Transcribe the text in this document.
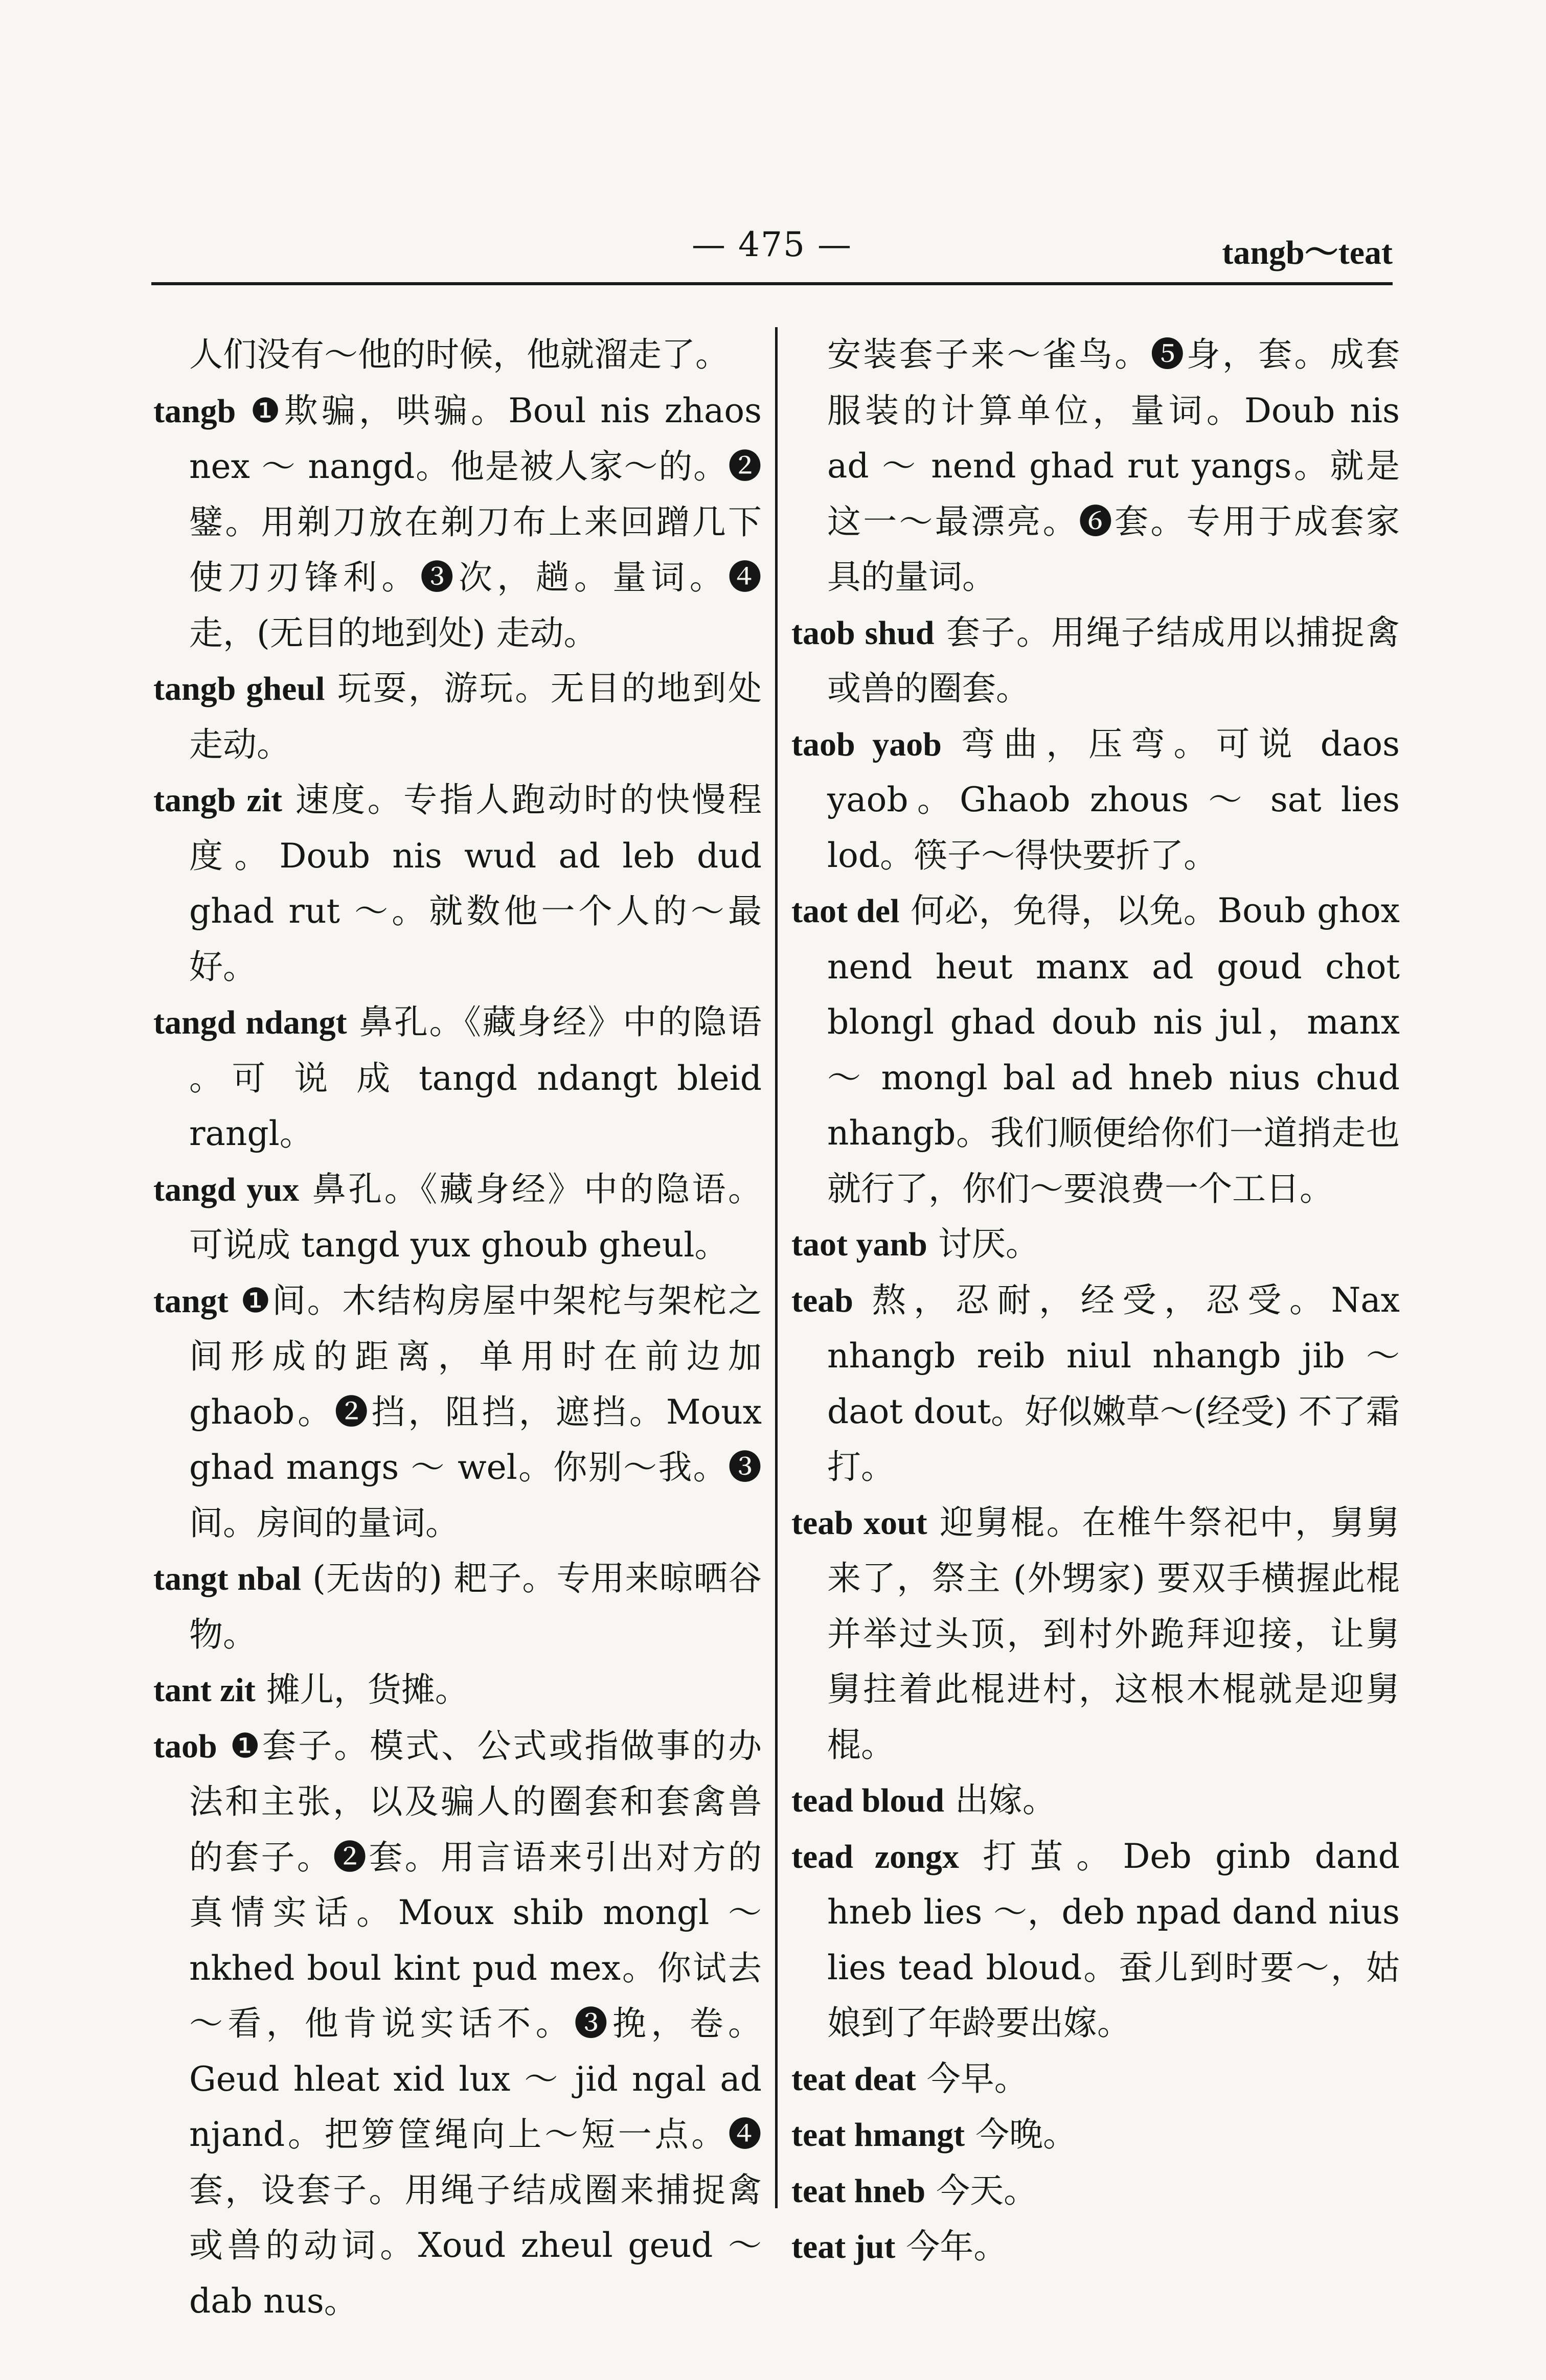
— 475 —	tangb～teat

人们没有～他的时候，他就溜走了。

tangb ❶欺骗，哄骗。Boul nis zhaos nex ～ nangd。他是被人家～的。❷鐾。用剃刀放在剃刀布上来回蹭几下使刀刃锋利。❸次，趟。量词。❹走，(无目的地到处) 走动。

tangb gheul 玩耍，游玩。无目的地到处走动。

tangb zit 速度。专指人跑动时的快慢程度。Doub nis wud ad leb dud ghad rut ～。就数他一个人的～最好。

tangd ndangt 鼻孔。《藏身经》中的隐语 。可 说 成 tangd ndangt bleid rangl。

tangd yux 鼻孔。《藏身经》中的隐语。可说成 tangd yux ghoub gheul。

tangt ❶间。木结构房屋中架柁与架柁之间形成的距离，单用时在前边加 ghaob。❷挡，阻挡，遮挡。Moux ghad mangs ～ wel。你别～我。❸间。房间的量词。

tangt nbal (无齿的) 耙子。专用来晾晒谷物。

tant zit 摊儿，货摊。

taob ❶套子。模式、公式或指做事的办法和主张，以及骗人的圈套和套禽兽的套子。❷套。用言语来引出对方的真情实话。Moux shib mongl ～ nkhed boul kint pud mex。你试去～看，他肯说实话不。❸挽，卷。Geud hleat xid lux ～ jid ngal ad njand。把箩筐绳向上～短一点。❹套，设套子。用绳子结成圈来捕捉禽或兽的动词。Xoud zheul geud ～ dab nus。

安装套子来～雀鸟。❺身，套。成套服装的计算单位，量词。Doub nis ad ～ nend ghad rut yangs。就是这一～最漂亮。❻套。专用于成套家具的量词。

taob shud 套子。用绳子结成用以捕捉禽或兽的圈套。

taob yaob 弯曲，压弯。可说 daos yaob。Ghaob zhous ～ sat lies lod。筷子～得快要折了。

taot del 何必，免得，以免。Boub ghox nend heut manx ad goud chot blongl ghad doub nis jul，manx ～ mongl bal ad hneb nius chud nhangb。我们顺便给你们一道捎走也就行了，你们～要浪费一个工日。

taot yanb 讨厌。

teab 熬，忍耐，经受，忍受。Nax nhangb reib niul nhangb jib ～ daot dout。好似嫩草～(经受) 不了霜打。

teab xout 迎舅棍。在椎牛祭祀中，舅舅来了，祭主 (外甥家) 要双手横握此棍并举过头顶，到村外跪拜迎接，让舅舅拄着此棍进村，这根木棍就是迎舅棍。

tead bloud 出嫁。

tead zongx 打茧。Deb ginb dand hneb lies ～，deb npad dand nius lies tead bloud。蚕儿到时要～，姑娘到了年龄要出嫁。

teat deat 今早。

teat hmangt 今晚。

teat hneb 今天。

teat jut 今年。
